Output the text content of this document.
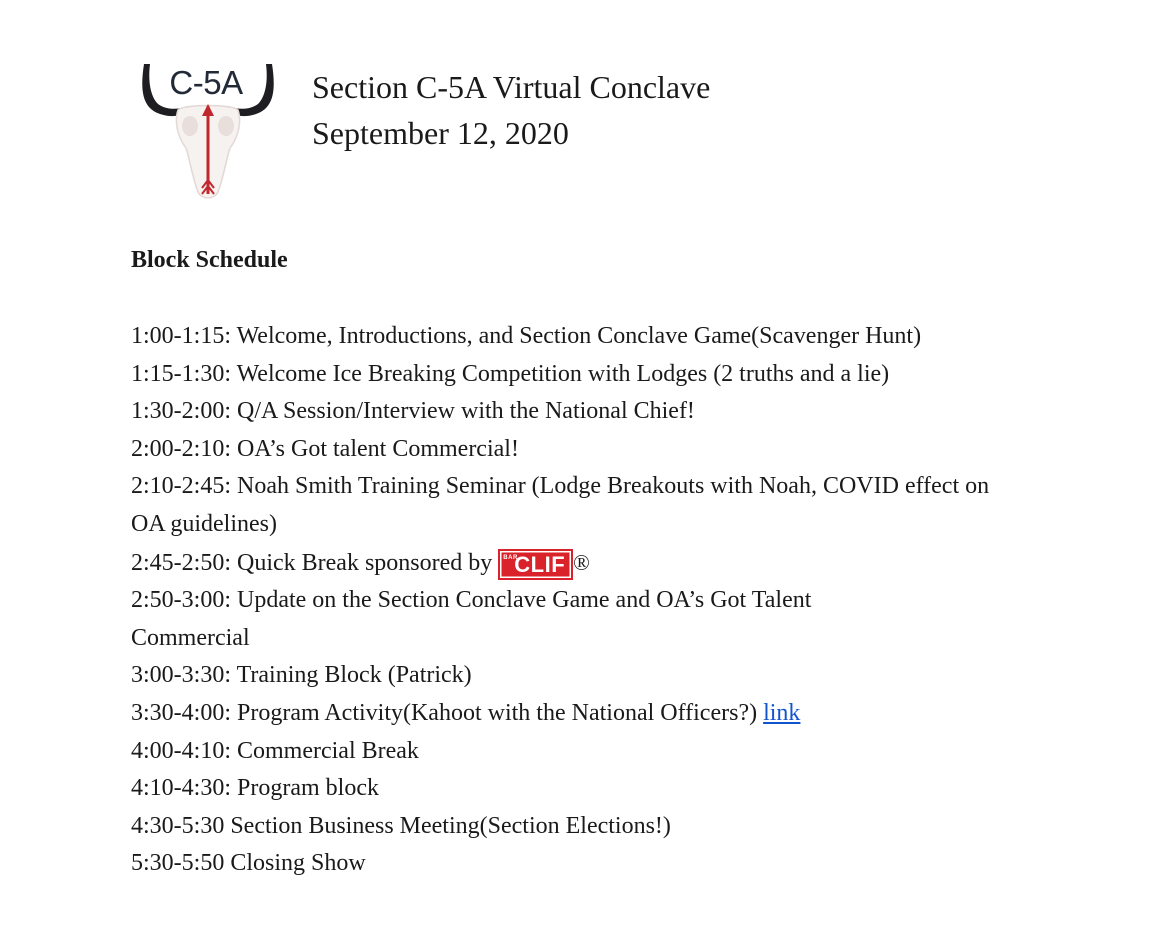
C-5A	Section C-5A Virtual Conclave
September 12, 2020
Block Schedule

1:00-1:15: Welcome, Introductions, and Section Conclave Game(Scavenger Hunt)

1:15-1:30: Welcome Ice Breaking Competition with Lodges (2 truths and a lie)

1:30-2:00: Q/A Session/Interview with the National Chief!

2:00-2:10: OA’s Got talent Commercial!

2:10-2:45: Noah Smith Training Seminar (Lodge Breakouts with Noah, COVID effect on OA guidelines)

2:45-2:50: Quick Break sponsored by BAR
CLIF ®

2:50-3:00: Update on the Section Conclave Game and OA’s Got Talent Commercial

3:00-3:30: Training Block (Patrick)

3:30-4:00: Program Activity(Kahoot with the National Officers?) link

4:00-4:10: Commercial Break

4:10-4:30: Program block

4:30-5:30 Section Business Meeting(Section Elections!)

5:30-5:50 Closing Show
